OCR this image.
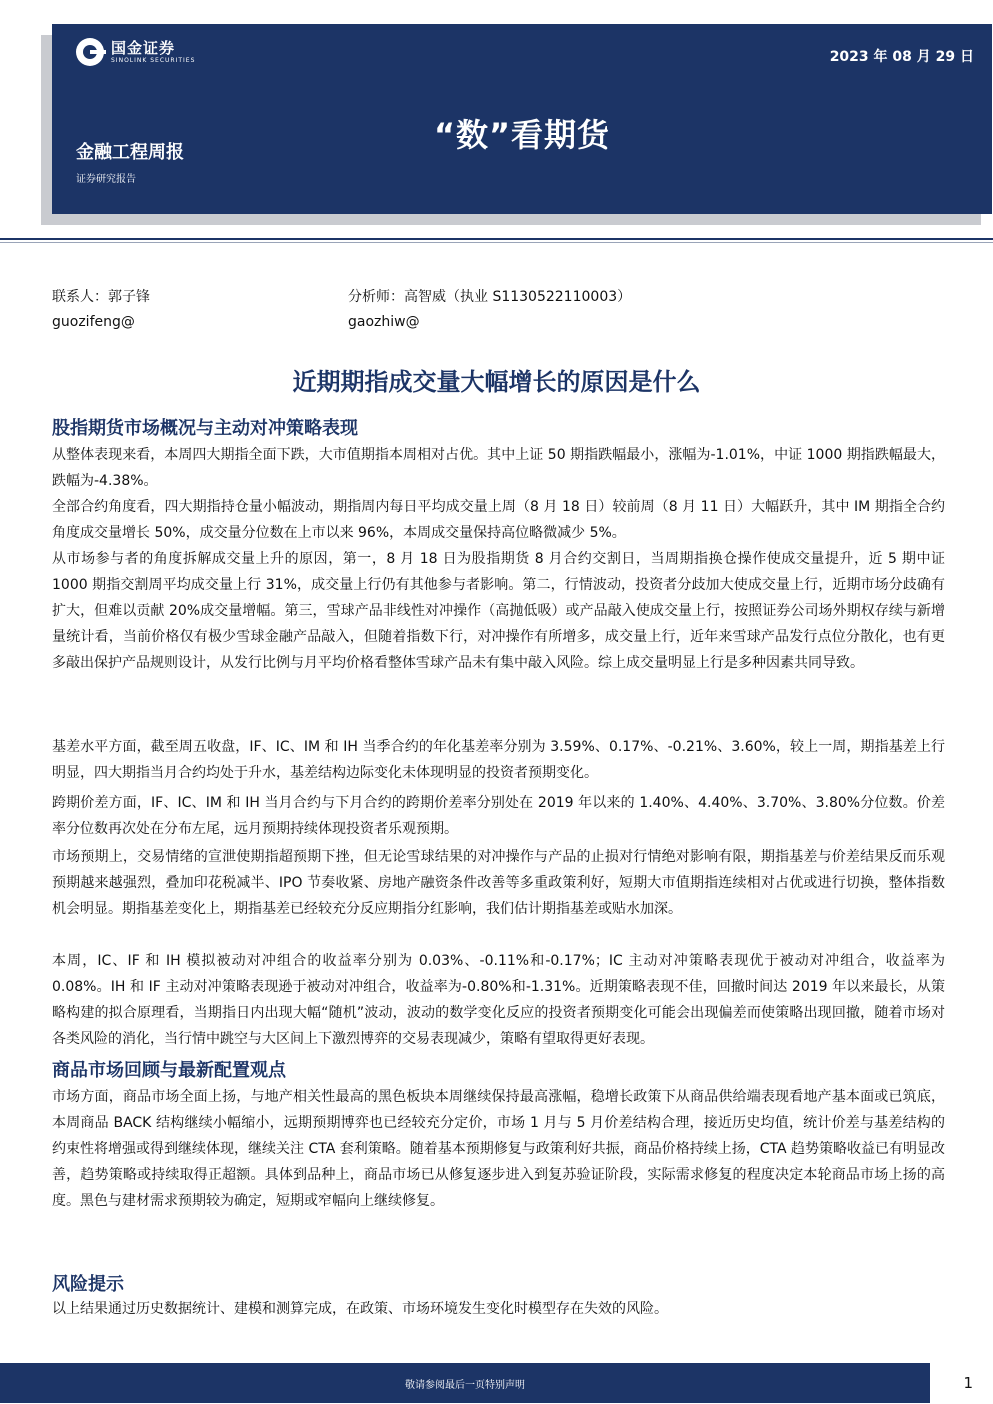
国金证券
SINOLINK SECURITIES	2023 年 08 月 29 日
“数”看期货
金融工程周报
证券研究报告
联系人：郭子锋
guozifeng@
分析师：高智威（执业 S1130522110003）
gaozhiw@
近期期指成交量大幅增长的原因是什么
股指期货市场概况与主动对冲策略表现

从整体表现来看，本周四大期指全面下跌，大市值期指本周相对占优。其中上证 50 期指跌幅最小，涨幅为-1.01%，中证 1000 期指跌幅最大，跌幅为-4.38%。

全部合约角度看，四大期指持仓量小幅波动，期指周内每日平均成交量上周（8 月 18 日）较前周（8 月 11 日）大幅跃升，其中 IM 期指全合约角度成交量增长 50%，成交量分位数在上市以来 96%，本周成交量保持高位略微减少 5%。

从市场参与者的角度拆解成交量上升的原因，第一，8 月 18 日为股指期货 8 月合约交割日，当周期指换仓操作使成交量提升，近 5 期中证 1000 期指交割周平均成交量上行 31%，成交量上行仍有其他参与者影响。第二，行情波动，投资者分歧加大使成交量上行，近期市场分歧确有扩大，但难以贡献 20%成交量增幅。第三，雪球产品非线性对冲操作（高抛低吸）或产品敲入使成交量上行，按照证券公司场外期权存续与新增量统计看，当前价格仅有极少雪球金融产品敲入，但随着指数下行，对冲操作有所增多，成交量上行，近年来雪球产品发行点位分散化，也有更多敲出保护产品规则设计，从发行比例与月平均价格看整体雪球产品未有集中敲入风险。综上成交量明显上行是多种因素共同导致。

基差水平方面，截至周五收盘，IF、IC、IM 和 IH 当季合约的年化基差率分别为 3.59%、0.17%、-0.21%、3.60%，较上一周，期指基差上行明显，四大期指当月合约均处于升水，基差结构边际变化未体现明显的投资者预期变化。

跨期价差方面，IF、IC、IM 和 IH 当月合约与下月合约的跨期价差率分别处在 2019 年以来的 1.40%、4.40%、3.70%、3.80%分位数。价差率分位数再次处在分布左尾，远月预期持续体现投资者乐观预期。

市场预期上，交易情绪的宣泄使期指超预期下挫，但无论雪球结果的对冲操作与产品的止损对行情绝对影响有限，期指基差与价差结果反而乐观预期越来越强烈，叠加印花税减半、IPO 节奏收紧、房地产融资条件改善等多重政策利好，短期大市值期指连续相对占优或进行切换，整体指数机会明显。期指基差变化上，期指基差已经较充分反应期指分红影响，我们估计期指基差或贴水加深。

本周，IC、IF 和 IH 模拟被动对冲组合的收益率分别为 0.03%、-0.11%和-0.17%；IC 主动对冲策略表现优于被动对冲组合，收益率为 0.08%。IH 和 IF 主动对冲策略表现逊于被动对冲组合，收益率为-0.80%和-1.31%。近期策略表现不佳，回撤时间达 2019 年以来最长，从策略构建的拟合原理看，当期指日内出现大幅“随机”波动，波动的数学变化反应的投资者预期变化可能会出现偏差而使策略出现回撤，随着市场对各类风险的消化，当行情中跳空与大区间上下激烈博弈的交易表现减少，策略有望取得更好表现。

商品市场回顾与最新配置观点

市场方面，商品市场全面上扬，与地产相关性最高的黑色板块本周继续保持最高涨幅，稳增长政策下从商品供给端表现看地产基本面或已筑底，本周商品 BACK 结构继续小幅缩小，远期预期博弈也已经较充分定价，市场 1 月与 5 月价差结构合理，接近历史均值，统计价差与基差结构的约束性将增强或得到继续体现，继续关注 CTA 套利策略。随着基本预期修复与政策利好共振，商品价格持续上扬，CTA 趋势策略收益已有明显改善，趋势策略或持续取得正超额。具体到品种上，商品市场已从修复逐步进入到复苏验证阶段，实际需求修复的程度决定本轮商品市场上扬的高度。黑色与建材需求预期较为确定，短期或窄幅向上继续修复。

风险提示

以上结果通过历史数据统计、建模和测算完成，在政策、市场环境发生变化时模型存在失效的风险。

敬请参阅最后一页特别声明	1
